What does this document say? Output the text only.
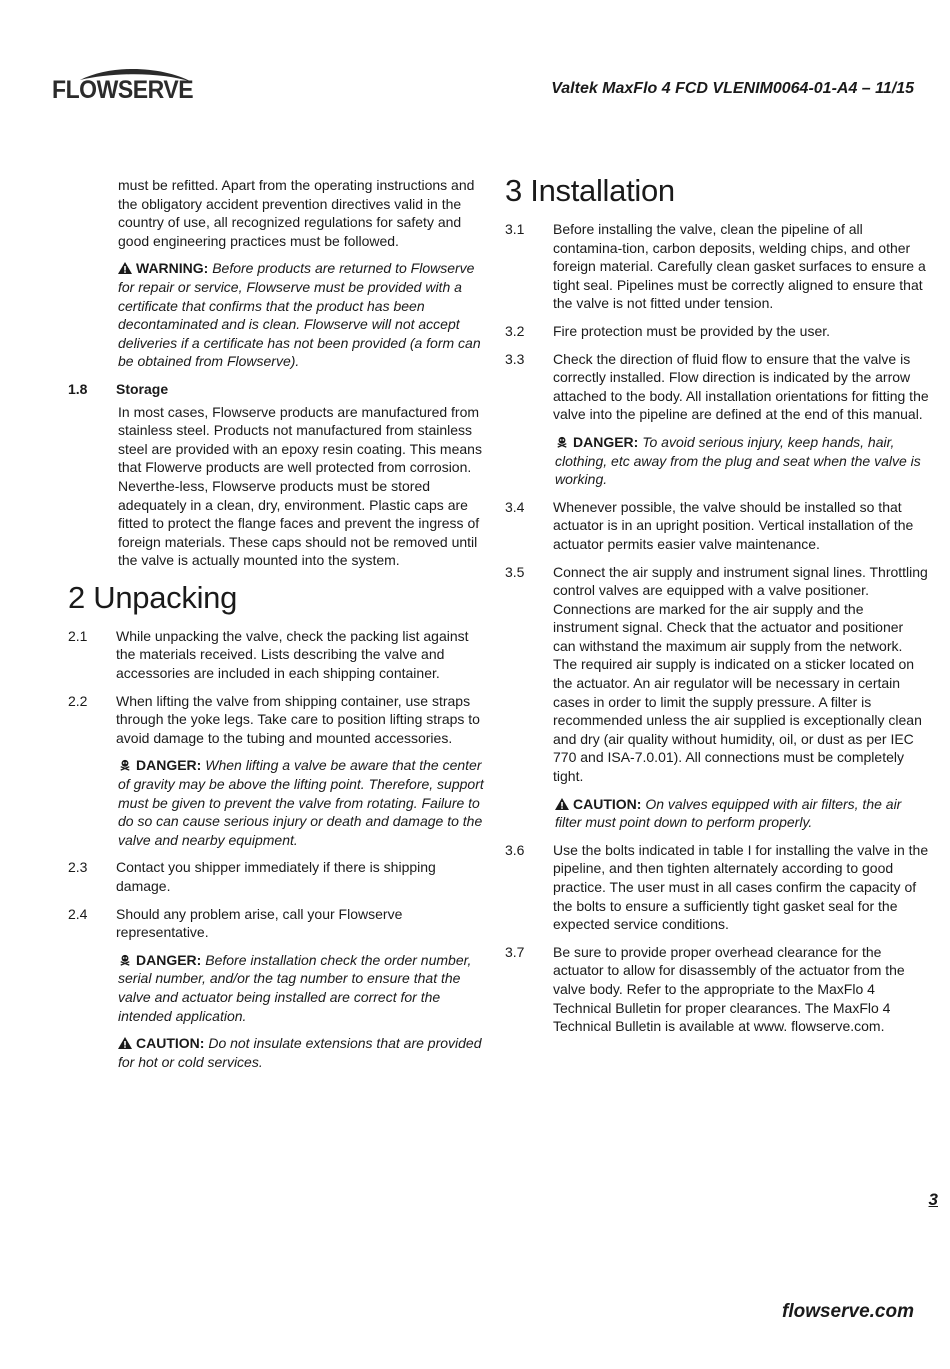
FLOWSERVE	Valtek MaxFlo 4 FCD VLENIM0064-01-A4 – 11/15

must be refitted. Apart from the operating instructions and the obligatory accident prevention directives valid in the country of use, all recognized regulations for safety and good engineering practices must be followed.

WARNING: Before products are returned to Flowserve for repair or service, Flowserve must be provided with a certificate that confirms that the product has been decontaminated and is clean. Flowserve will not accept deliveries if a certificate has not been provided (a form can be obtained from Flowserve).

1.8	Storage

In most cases, Flowserve products are manufactured from stainless steel. Products not manufactured from stainless steel are provided with an epoxy resin coating. This means that Flowerve products are well protected from corrosion. Neverthe-less, Flowserve products must be stored adequately in a clean, dry, environment. Plastic caps are fitted to protect the flange faces and prevent the ingress of foreign materials. These caps should not be removed until the valve is actually mounted into the system.

2 Unpacking
2.1	While unpacking the valve, check the packing list against the materials received. Lists describing the valve and accessories are included in each shipping container.
2.2	When lifting the valve from shipping container, use straps through the yoke legs. Take care to position lifting straps to avoid damage to the tubing and mounted accessories.

DANGER: When lifting a valve be aware that the center of gravity may be above the lifting point. Therefore, support must be given to prevent the valve from rotating. Failure to do so can cause serious injury or death and damage to the valve and nearby equipment.

2.3	Contact you shipper immediately if there is shipping damage.
2.4	Should any problem arise, call your Flowserve representative.

DANGER: Before installation check the order number, serial number, and/or the tag number to ensure that the valve and actuator being installed are correct for the intended application.

CAUTION: Do not insulate extensions that are provided for hot or cold services.

3 Installation
3.1	Before installing the valve, clean the pipeline of all contamina-tion, carbon deposits, welding chips, and other foreign material. Carefully clean gasket surfaces to ensure a tight seal. Pipelines must be correctly aligned to ensure that the valve is not fitted under tension.
3.2	Fire protection must be provided by the user.
3.3	Check the direction of fluid flow to ensure that the valve is correctly installed. Flow direction is indicated by the arrow attached to the body. All installation orientations for fitting the valve into the pipeline are defined at the end of this manual.

DANGER: To avoid serious injury, keep hands, hair, clothing, etc away from the plug and seat when the valve is working.

3.4	Whenever possible, the valve should be installed so that actuator is in an upright position. Vertical installation of the actuator permits easier valve maintenance.
3.5	Connect the air supply and instrument signal lines. Throttling control valves are equipped with a valve positioner. Connections are marked for the air supply and the instrument signal. Check that the actuator and positioner can withstand the maximum air supply from the network. The required air supply is indicated on a sticker located on the actuator. An air regulator will be necessary in certain cases in order to limit the supply pressure. A filter is recommended unless the air supplied is exceptionally clean and dry (air quality without humidity, oil, or dust as per IEC 770 and ISA-7.0.01). All connections must be completely tight.

CAUTION: On valves equipped with air filters, the air filter must point down to perform properly.

3.6	Use the bolts indicated in table I for installing the valve in the pipeline, and then tighten alternately according to good practice. The user must in all cases confirm the capacity of the bolts to ensure a sufficiently tight gasket seal for the expected service conditions.
3.7	Be sure to provide proper overhead clearance for the actuator to allow for disassembly of the actuator from the valve body. Refer to the appropriate to the MaxFlo 4 Technical Bulletin for proper clearances. The MaxFlo 4 Technical Bulletin is available at www. flowserve.com.
3
flowserve.com
